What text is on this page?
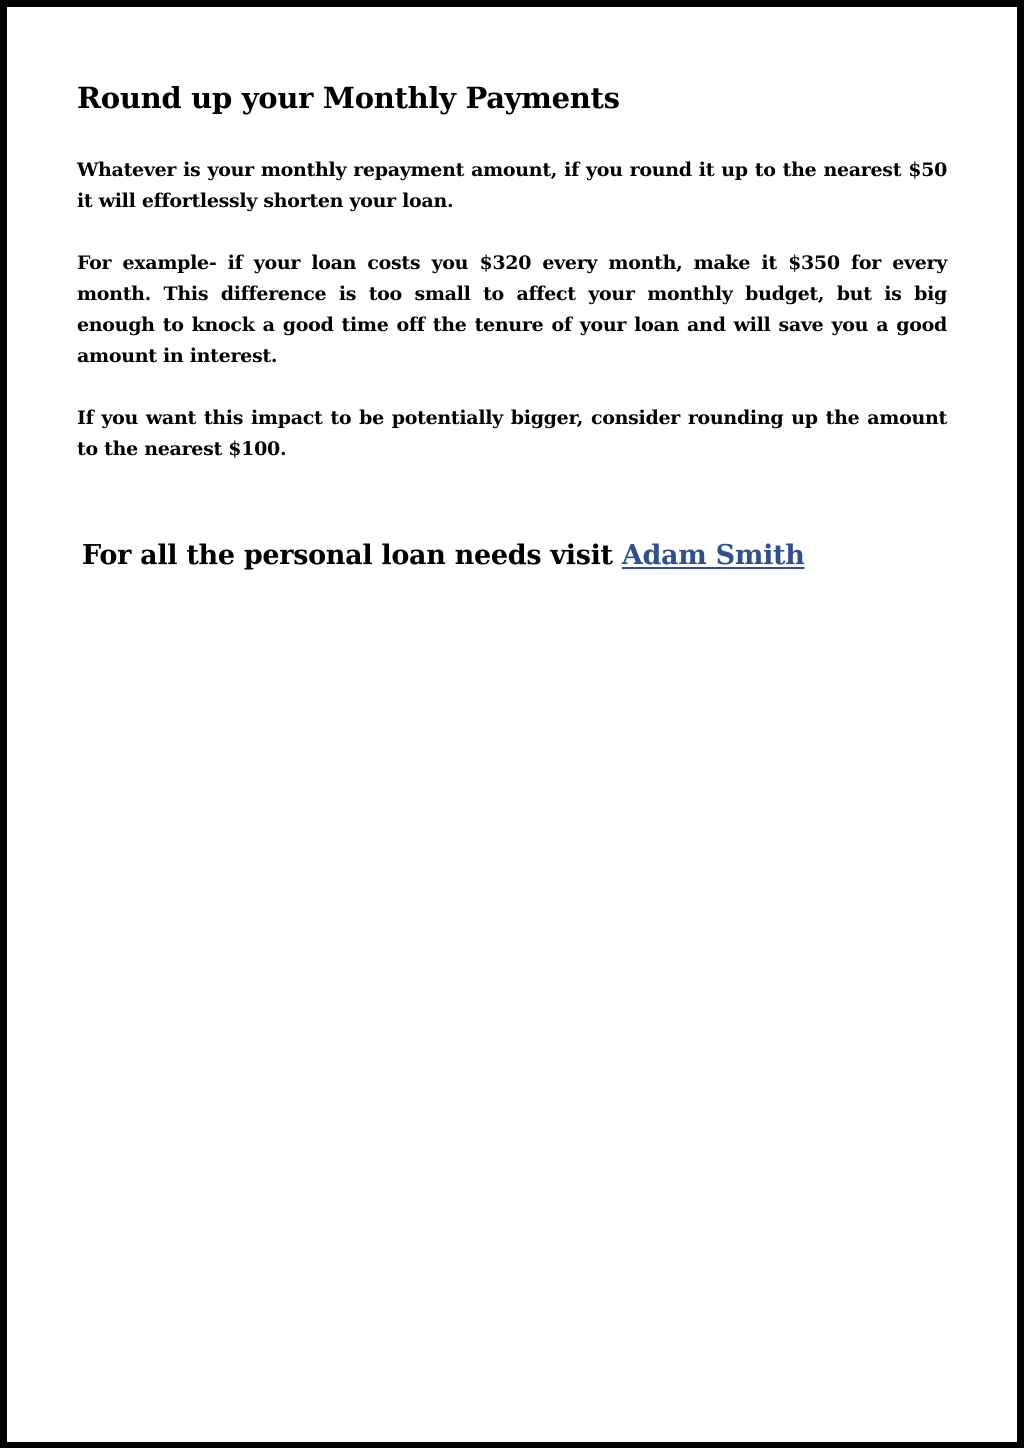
Round up your Monthly Payments

Whatever is your monthly repayment amount, if you round it up to the nearest $50 it will effortlessly shorten your loan.

For example- if your loan costs you $320 every month, make it $350 for every month. This difference is too small to affect your monthly budget, but is big enough to knock a good time off the tenure of your loan and will save you a good amount in interest.

If you want this impact to be potentially bigger, consider rounding up the amount to the nearest $100.

For all the personal loan needs visit Adam Smith
